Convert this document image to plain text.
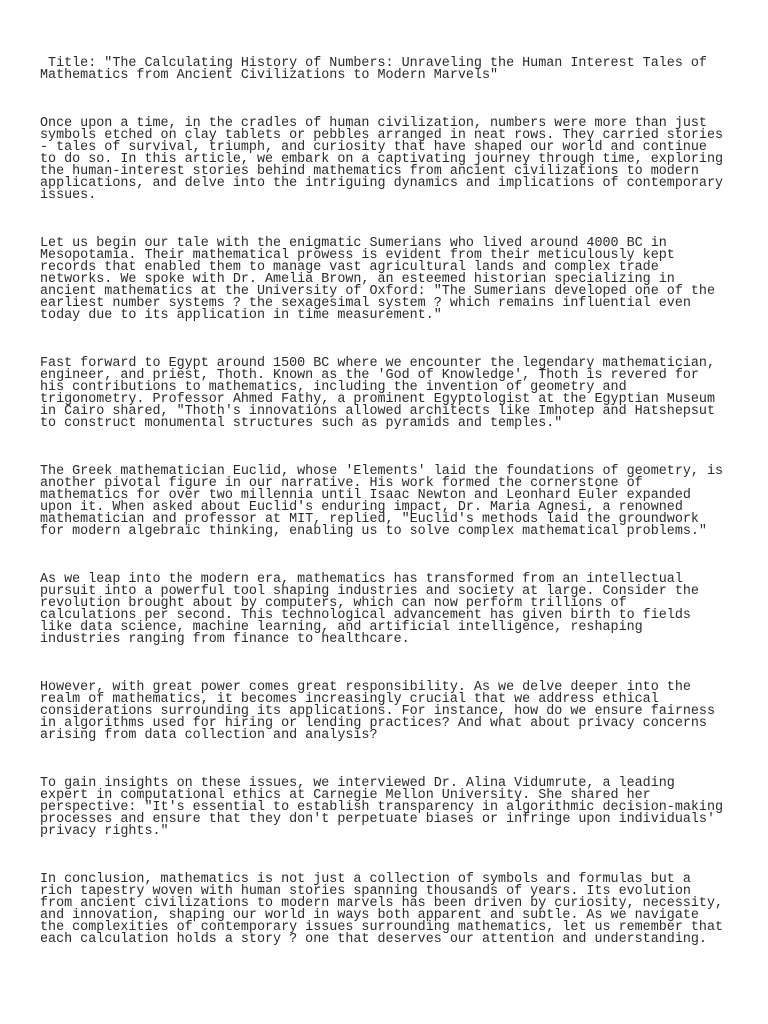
Title: "The Calculating History of Numbers: Unraveling the Human Interest Tales of
Mathematics from Ancient Civilizations to Modern Marvels"

Once upon a time, in the cradles of human civilization, numbers were more than just
symbols etched on clay tablets or pebbles arranged in neat rows. They carried stories
- tales of survival, triumph, and curiosity that have shaped our world and continue
to do so. In this article, we embark on a captivating journey through time, exploring
the human-interest stories behind mathematics from ancient civilizations to modern
applications, and delve into the intriguing dynamics and implications of contemporary
issues.

Let us begin our tale with the enigmatic Sumerians who lived around 4000 BC in
Mesopotamia. Their mathematical prowess is evident from their meticulously kept
records that enabled them to manage vast agricultural lands and complex trade
networks. We spoke with Dr. Amelia Brown, an esteemed historian specializing in
ancient mathematics at the University of Oxford: "The Sumerians developed one of the
earliest number systems ? the sexagesimal system ? which remains influential even
today due to its application in time measurement."

Fast forward to Egypt around 1500 BC where we encounter the legendary mathematician,
engineer, and priest, Thoth. Known as the 'God of Knowledge', Thoth is revered for
his contributions to mathematics, including the invention of geometry and
trigonometry. Professor Ahmed Fathy, a prominent Egyptologist at the Egyptian Museum
in Cairo shared, "Thoth's innovations allowed architects like Imhotep and Hatshepsut
to construct monumental structures such as pyramids and temples."

The Greek mathematician Euclid, whose 'Elements' laid the foundations of geometry, is
another pivotal figure in our narrative. His work formed the cornerstone of
mathematics for over two millennia until Isaac Newton and Leonhard Euler expanded
upon it. When asked about Euclid's enduring impact, Dr. Maria Agnesi, a renowned
mathematician and professor at MIT, replied, "Euclid's methods laid the groundwork
for modern algebraic thinking, enabling us to solve complex mathematical problems."

As we leap into the modern era, mathematics has transformed from an intellectual
pursuit into a powerful tool shaping industries and society at large. Consider the
revolution brought about by computers, which can now perform trillions of
calculations per second. This technological advancement has given birth to fields
like data science, machine learning, and artificial intelligence, reshaping
industries ranging from finance to healthcare.

However, with great power comes great responsibility. As we delve deeper into the
realm of mathematics, it becomes increasingly crucial that we address ethical
considerations surrounding its applications. For instance, how do we ensure fairness
in algorithms used for hiring or lending practices? And what about privacy concerns
arising from data collection and analysis?

To gain insights on these issues, we interviewed Dr. Alina Vidumrute, a leading
expert in computational ethics at Carnegie Mellon University. She shared her
perspective: "It's essential to establish transparency in algorithmic decision-making
processes and ensure that they don't perpetuate biases or infringe upon individuals'
privacy rights."

In conclusion, mathematics is not just a collection of symbols and formulas but a
rich tapestry woven with human stories spanning thousands of years. Its evolution
from ancient civilizations to modern marvels has been driven by curiosity, necessity,
and innovation, shaping our world in ways both apparent and subtle. As we navigate
the complexities of contemporary issues surrounding mathematics, let us remember that
each calculation holds a story ? one that deserves our attention and understanding.
